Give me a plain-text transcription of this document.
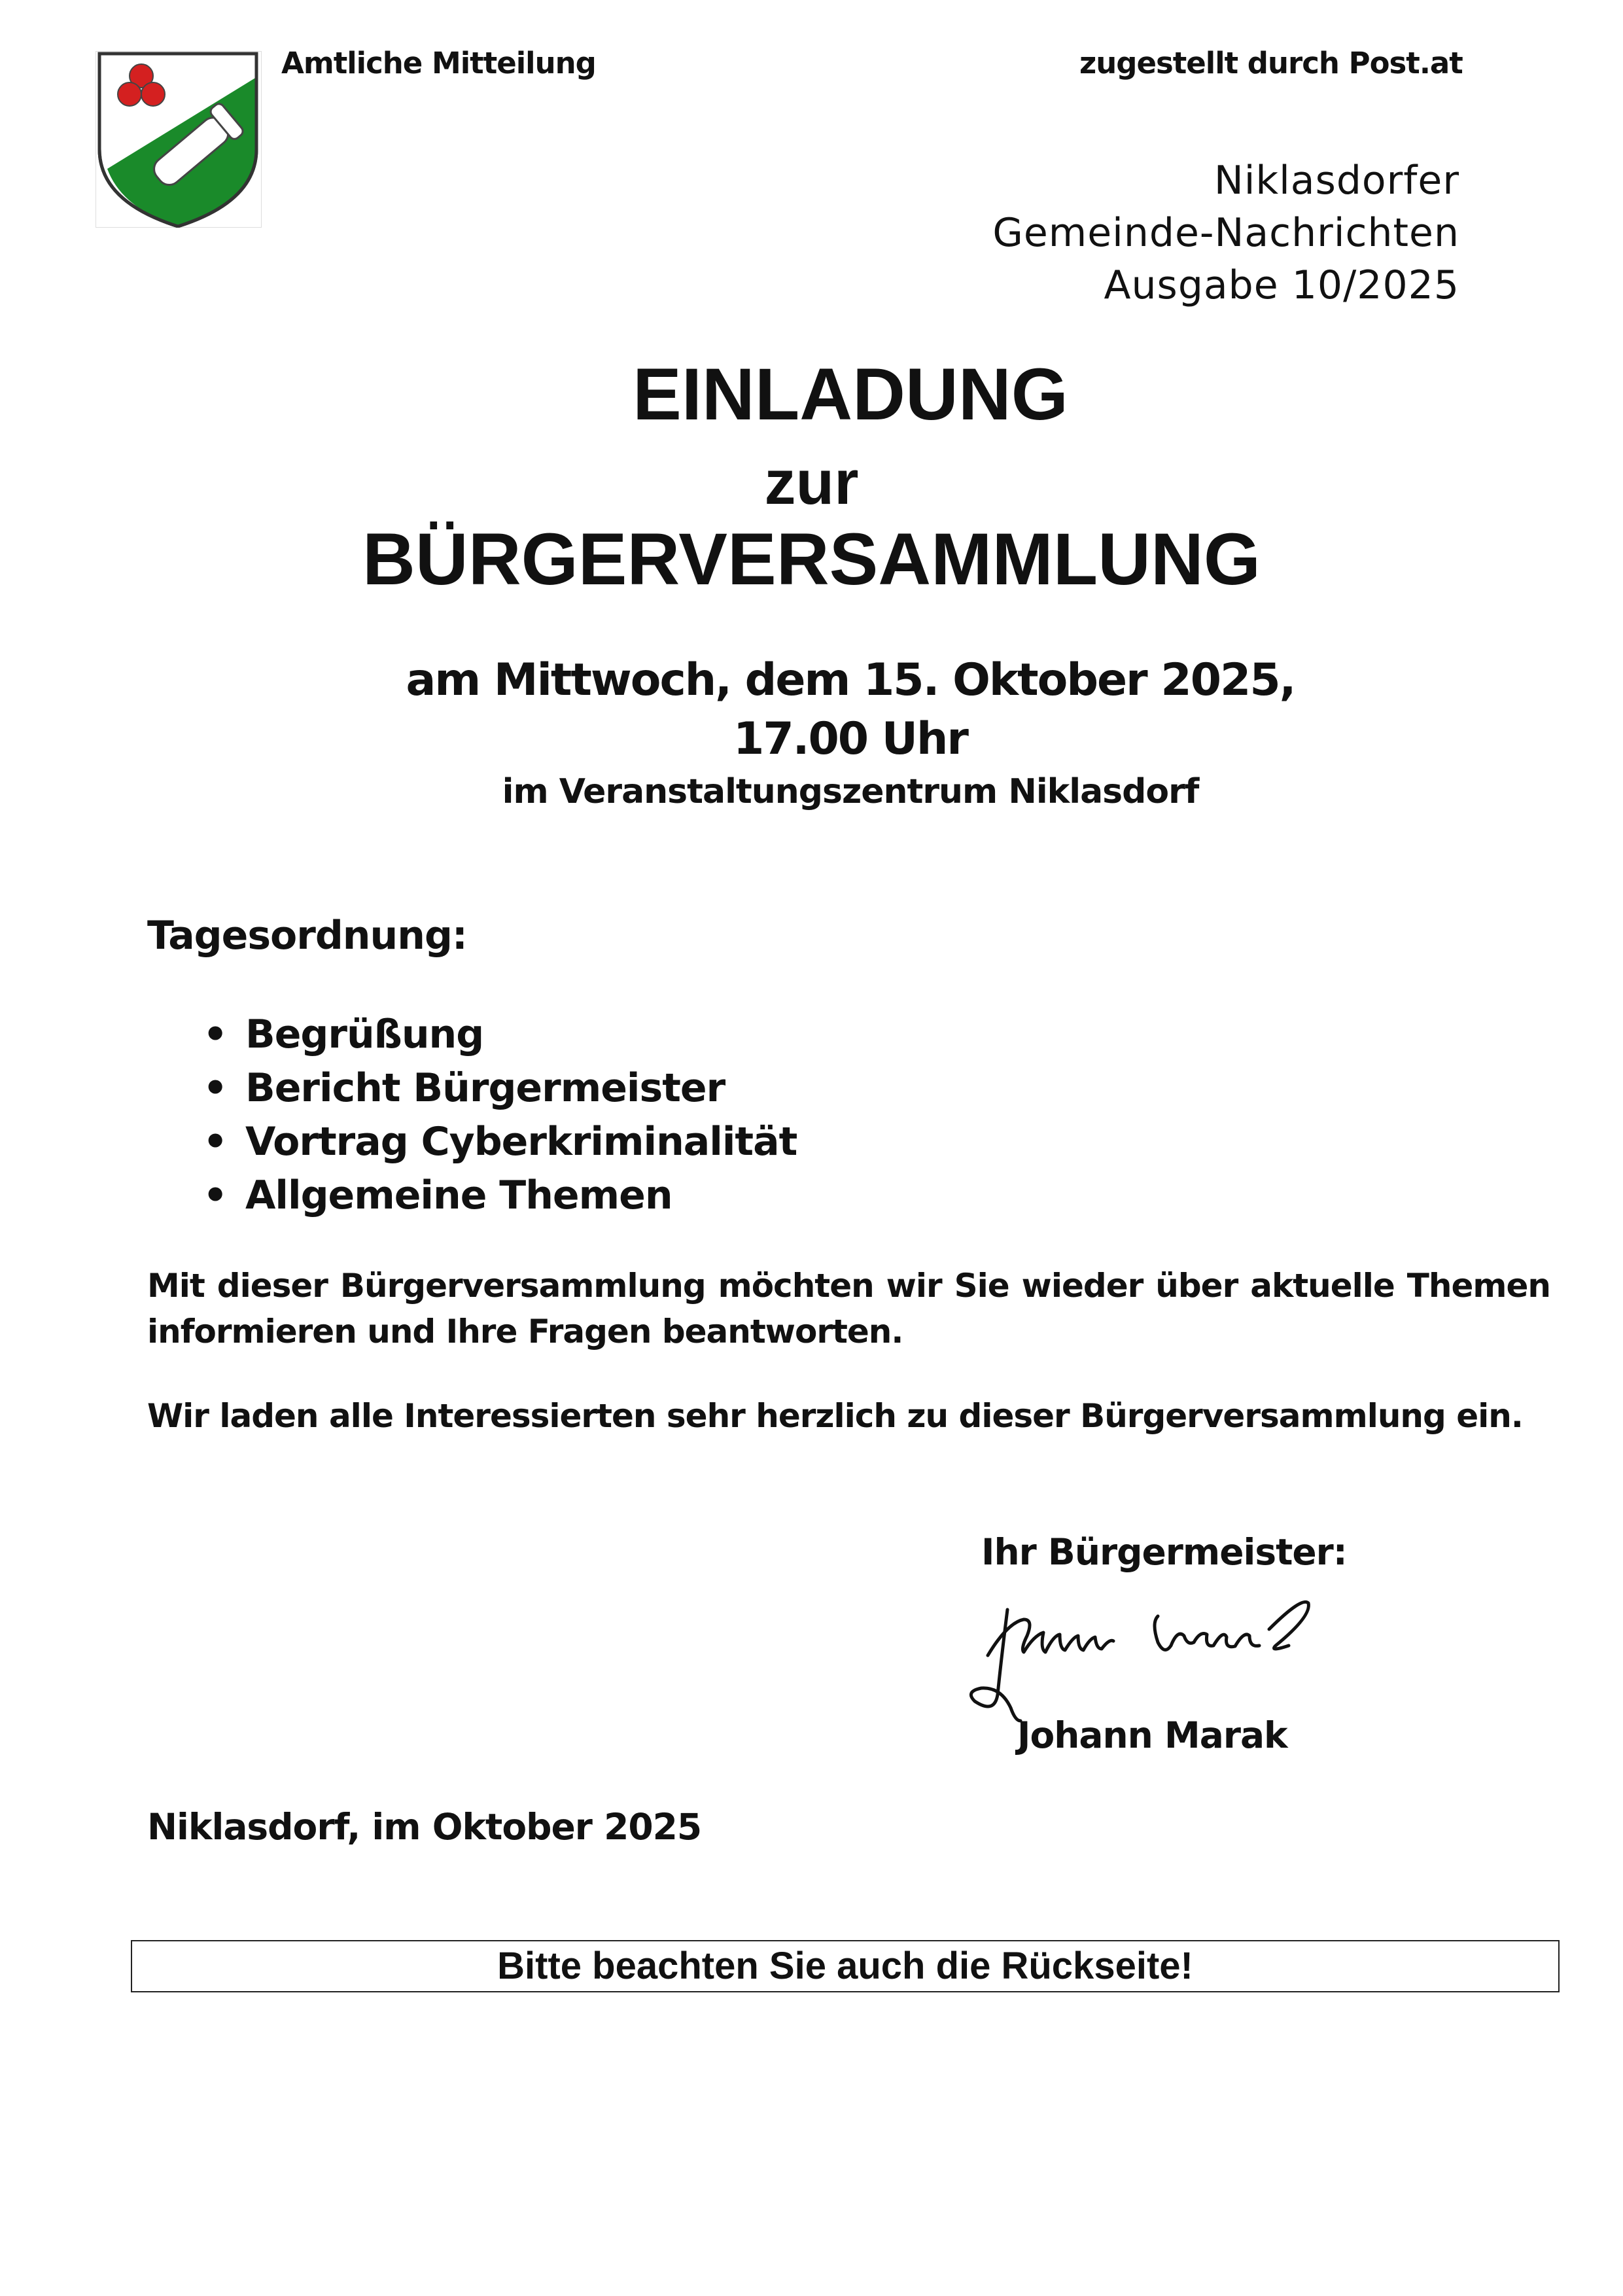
Amtliche Mitteilung	zugestellt durch Post.at
Niklasdorfer
Gemeinde-Nachrichten
Ausgabe 10/2025
EINLADUNG
zur
BÜRGERVERSAMMLUNG
am Mittwoch, dem 15. Oktober 2025,
17.00 Uhr
im Veranstaltungszentrum Niklasdorf
Tagesordnung:
• Begrüßung
• Bericht Bürgermeister
• Vortrag Cyberkriminalität
• Allgemeine Themen
Mit dieser Bürgerversammlung möchten wir Sie wieder über aktuelle Themen informieren und Ihre Fragen beantworten.
Wir laden alle Interessierten sehr herzlich zu dieser Bürgerversammlung ein.
Ihr Bürgermeister:
Johann Marak
Niklasdorf, im Oktober 2025
Bitte beachten Sie auch die Rückseite!
